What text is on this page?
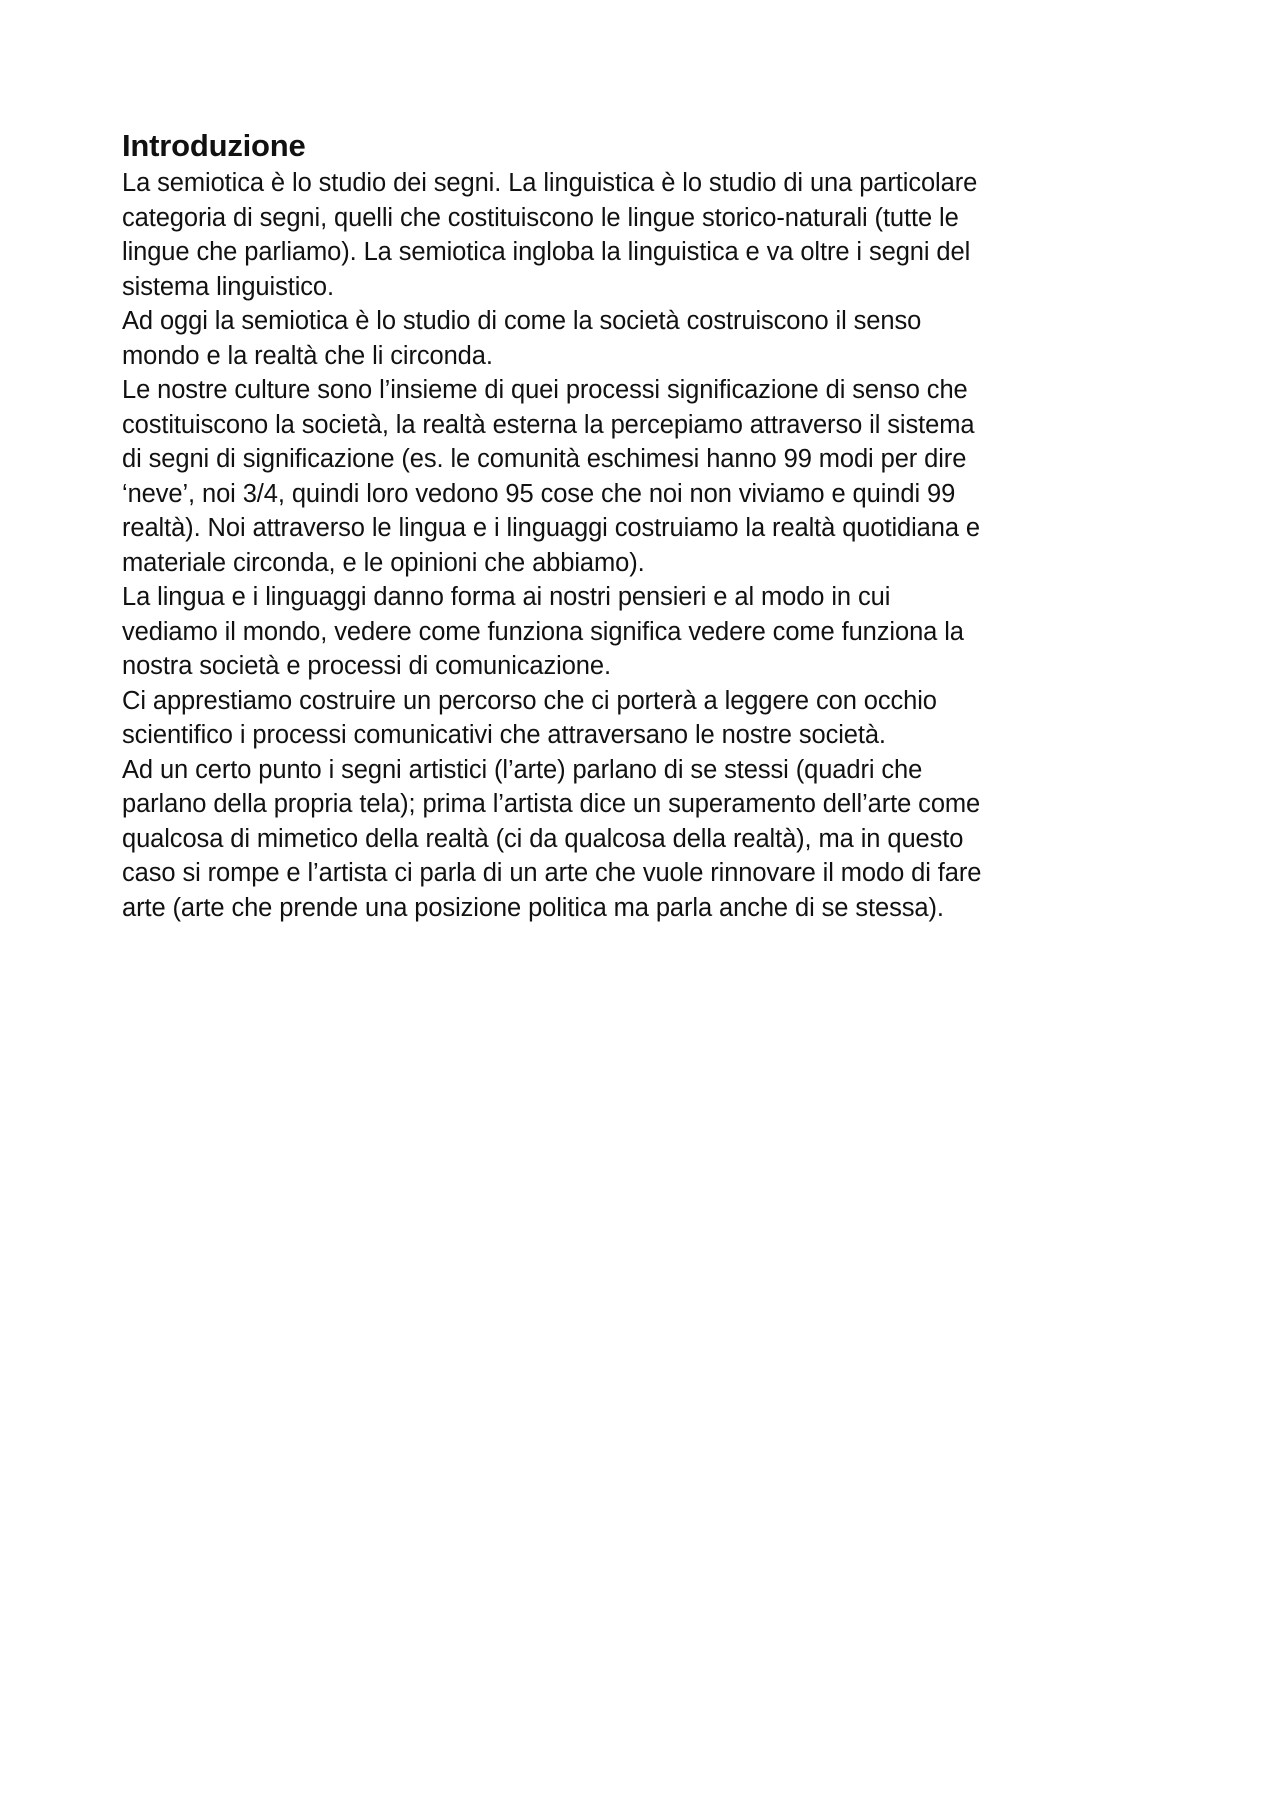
Introduzione
La semiotica è lo studio dei segni. La linguistica è lo studio di una particolare
categoria di segni, quelli che costituiscono le lingue storico-naturali (tutte le
lingue che parliamo). La semiotica ingloba la linguistica e va oltre i segni del
sistema linguistico.
Ad oggi la semiotica è lo studio di come la società costruiscono il senso
mondo e la realtà che li circonda.
Le nostre culture sono l’insieme di quei processi significazione di senso che
costituiscono la società, la realtà esterna la percepiamo attraverso il sistema
di segni di significazione (es. le comunità eschimesi hanno 99 modi per dire
‘neve’, noi 3/4, quindi loro vedono 95 cose che noi non viviamo e quindi 99
realtà). Noi attraverso le lingua e i linguaggi costruiamo la realtà quotidiana e
materiale circonda, e le opinioni che abbiamo).
La lingua e i linguaggi danno forma ai nostri pensieri e al modo in cui
vediamo il mondo, vedere come funziona significa vedere come funziona la
nostra società e processi di comunicazione.
Ci apprestiamo costruire un percorso che ci porterà a leggere con occhio
scientifico i processi comunicativi che attraversano le nostre società.
Ad un certo punto i segni artistici (l’arte) parlano di se stessi (quadri che
parlano della propria tela); prima l’artista dice un superamento dell’arte come
qualcosa di mimetico della realtà (ci da qualcosa della realtà), ma in questo
caso si rompe e l’artista ci parla di un arte che vuole rinnovare il modo di fare
arte (arte che prende una posizione politica ma parla anche di se stessa).
